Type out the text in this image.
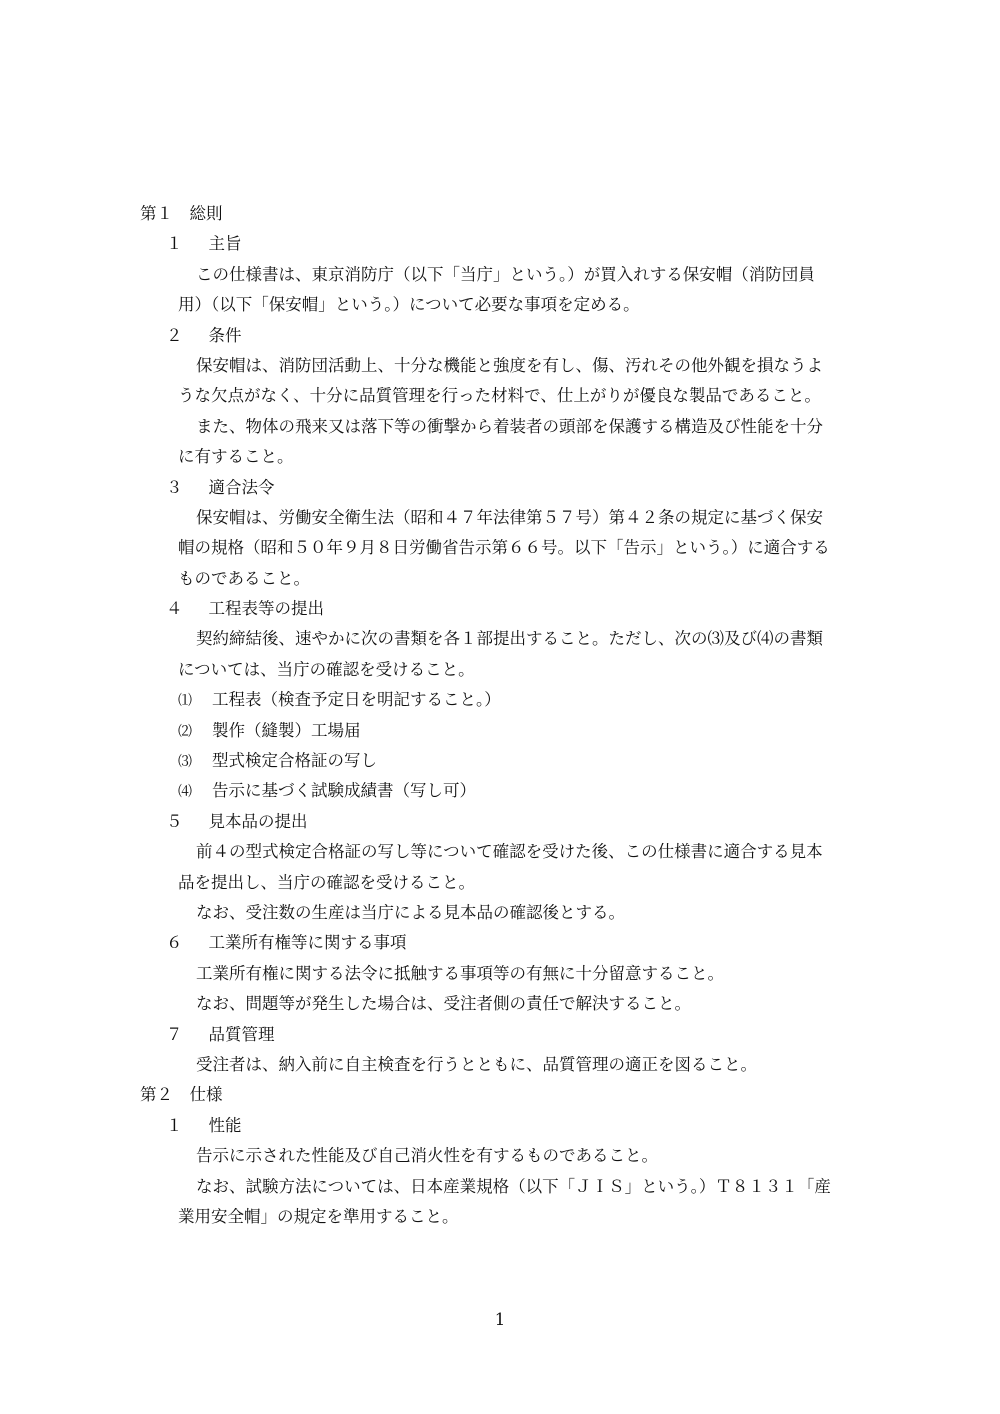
第１　 総則
１　 主旨
この仕様書は、東京消防庁（以下「当庁」という。）が買入れする保安帽（消防団員
用）（以下「保安帽」という。）について必要な事項を定める。
２　 条件
保安帽は、消防団活動上、十分な機能と強度を有し、傷、汚れその他外観を損なうよ
うな欠点がなく、十分に品質管理を行った材料で、仕上がりが優良な製品であること。
また、物体の飛来又は落下等の衝撃から着装者の頭部を保護する構造及び性能を十分
に有すること。
３　 適合法令
保安帽は、労働安全衛生法（昭和４７年法律第５７号）第４２条の規定に基づく保安
帽の規格（昭和５０年９月８日労働省告示第６６号。以下「告示」という。）に適合する
ものであること。
４　 工程表等の提出
契約締結後、速やかに次の書類を各１部提出すること。ただし、次の⑶及び⑷の書類
については、当庁の確認を受けること。
⑴ 工程表（検査予定日を明記すること。）
⑵ 製作（縫製）工場届
⑶ 型式検定合格証の写し
⑷ 告示に基づく試験成績書（写し可）
５　 見本品の提出
前４の型式検定合格証の写し等について確認を受けた後、この仕様書に適合する見本
品を提出し、当庁の確認を受けること。
なお、受注数の生産は当庁による見本品の確認後とする。
６　 工業所有権等に関する事項
工業所有権に関する法令に抵触する事項等の有無に十分留意すること。
なお、問題等が発生した場合は、受注者側の責任で解決すること。
７　 品質管理
受注者は、納入前に自主検査を行うとともに、品質管理の適正を図ること。
第２　 仕様
１　 性能
告示に示された性能及び自己消火性を有するものであること。
なお、試験方法については、日本産業規格（以下「ＪＩＳ」という。）Ｔ８１３１「産
業用安全帽」の規定を準用すること。
1
